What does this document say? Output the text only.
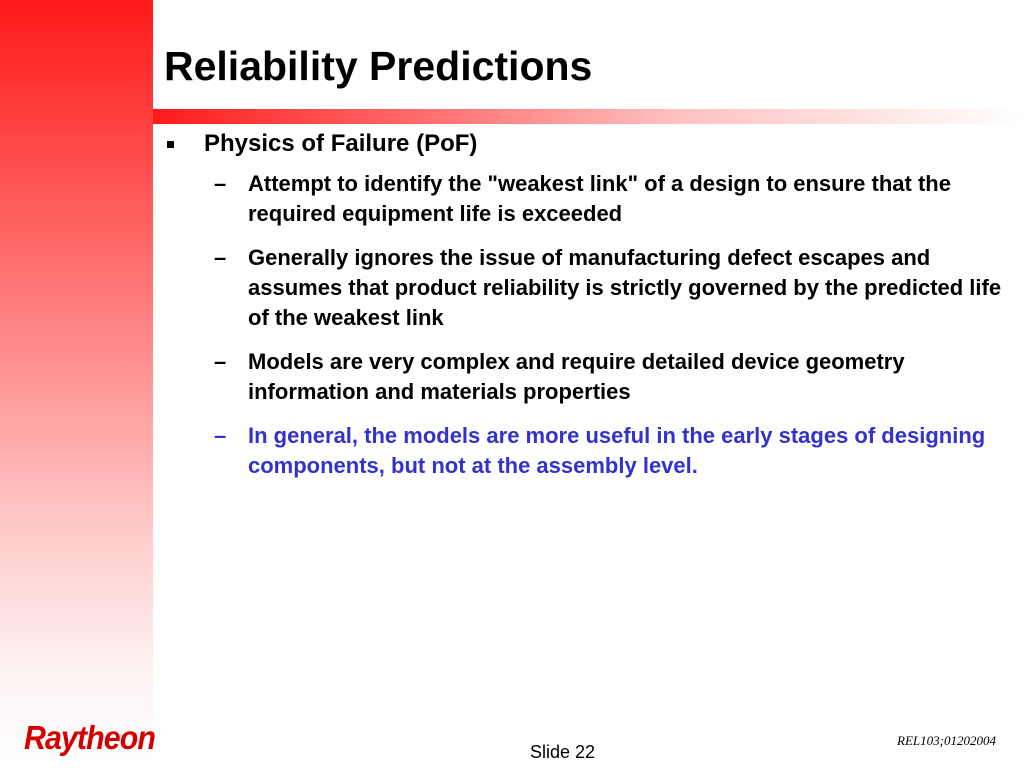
Reliability Predictions
Physics of Failure (PoF)
– Attempt to identify the "weakest link" of a design to ensure that the required equipment life is exceeded
– Generally ignores the issue of manufacturing defect escapes and assumes that product reliability is strictly governed by the predicted life of the weakest link
– Models are very complex and require detailed device geometry information and materials properties
– In general, the models are more useful in the early stages of designing components, but not at the assembly level.
Raytheon	Slide 22
REL103;01202004
